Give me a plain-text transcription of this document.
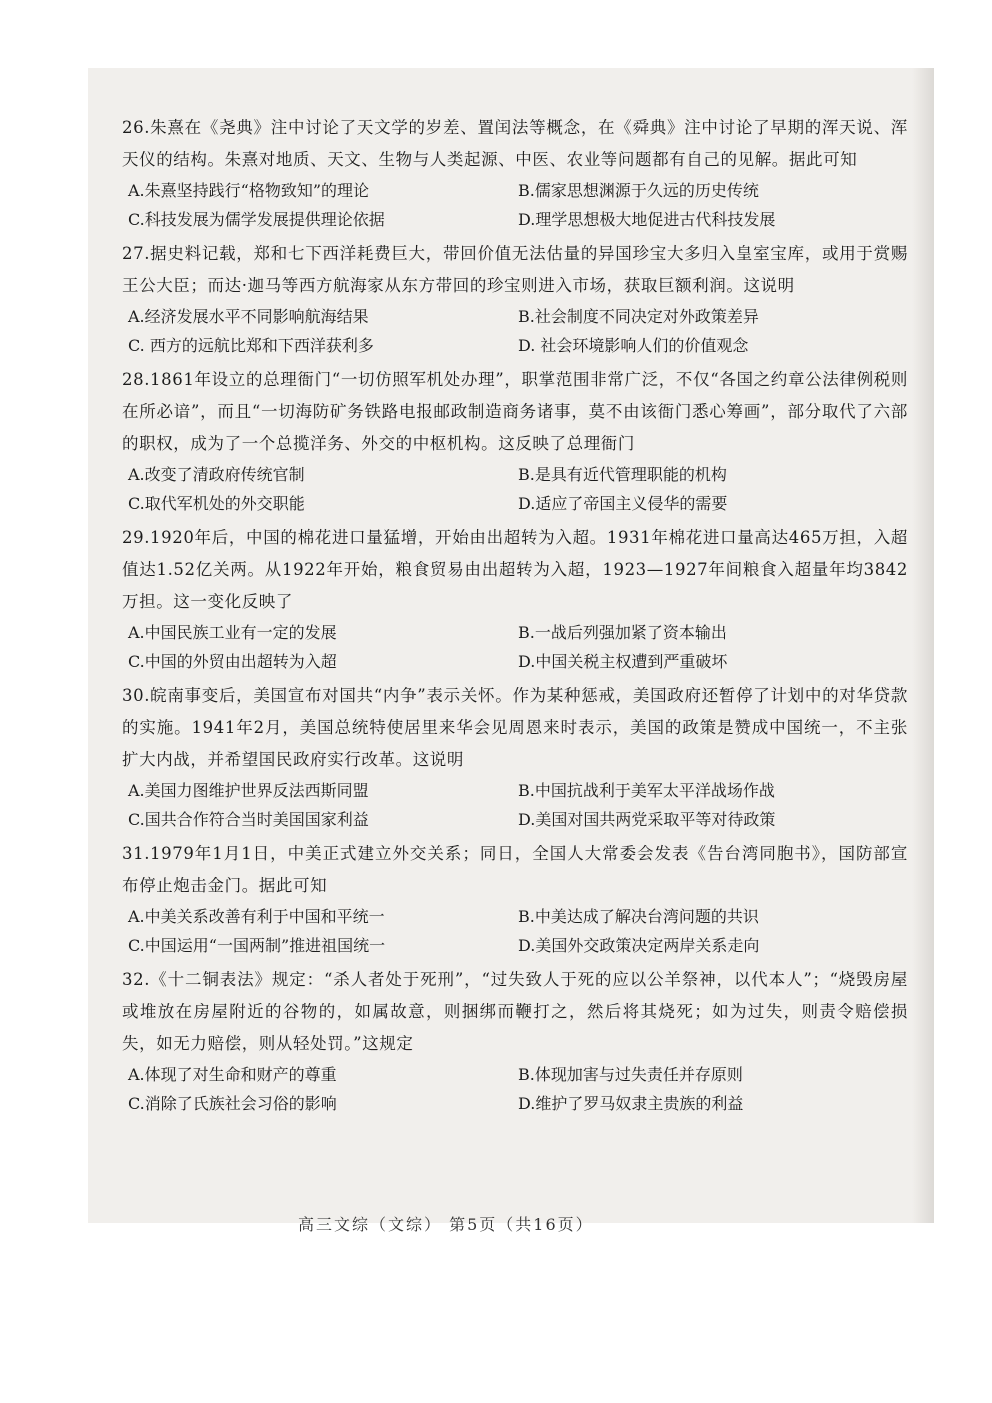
26.朱熹在《尧典》注中讨论了天文学的岁差、置闰法等概念，在《舜典》注中讨论了早期的浑天说、浑天仪的结构。朱熹对地质、天文、生物与人类起源、中医、农业等问题都有自己的见解。据此可知

A.朱熹坚持践行“格物致知”的理论	B.儒家思想渊源于久远的历史传统
C.科技发展为儒学发展提供理论依据	D.理学思想极大地促进古代科技发展

27.据史料记载，郑和七下西洋耗费巨大，带回价值无法估量的异国珍宝大多归入皇室宝库，或用于赏赐王公大臣；而达·迦马等西方航海家从东方带回的珍宝则进入市场，获取巨额利润。这说明

A.经济发展水平不同影响航海结果	B.社会制度不同决定对外政策差异
C. 西方的远航比郑和下西洋获利多	D. 社会环境影响人们的价值观念

28.1861年设立的总理衙门“一切仿照军机处办理”，职掌范围非常广泛，不仅“各国之约章公法律例税则在所必谙”，而且“一切海防矿务铁路电报邮政制造商务诸事，莫不由该衙门悉心筹画”，部分取代了六部的职权，成为了一个总揽洋务、外交的中枢机构。这反映了总理衙门

A.改变了清政府传统官制	B.是具有近代管理职能的机构
C.取代军机处的外交职能	D.适应了帝国主义侵华的需要

29.1920年后，中国的棉花进口量猛增，开始由出超转为入超。1931年棉花进口量高达465万担，入超值达1.52亿关两。从1922年开始，粮食贸易由出超转为入超，1923—1927年间粮食入超量年均3842万担。这一变化反映了

A.中国民族工业有一定的发展	B.一战后列强加紧了资本输出
C.中国的外贸由出超转为入超	D.中国关税主权遭到严重破坏

30.皖南事变后，美国宣布对国共“内争”表示关怀。作为某种惩戒，美国政府还暂停了计划中的对华贷款的实施。1941年2月，美国总统特使居里来华会见周恩来时表示，美国的政策是赞成中国统一，不主张扩大内战，并希望国民政府实行改革。这说明

A.美国力图维护世界反法西斯同盟	B.中国抗战利于美军太平洋战场作战
C.国共合作符合当时美国国家利益	D.美国对国共两党采取平等对待政策

31.1979年1月1日，中美正式建立外交关系；同日，全国人大常委会发表《告台湾同胞书》，国防部宣布停止炮击金门。据此可知

A.中美关系改善有利于中国和平统一	B.中美达成了解决台湾问题的共识
C.中国运用“一国两制”推进祖国统一	D.美国外交政策决定两岸关系走向

32.《十二铜表法》规定：“杀人者处于死刑”，“过失致人于死的应以公羊祭神，以代本人”；“烧毁房屋或堆放在房屋附近的谷物的，如属故意，则捆绑而鞭打之，然后将其烧死；如为过失，则责令赔偿损失，如无力赔偿，则从轻处罚。”这规定

A.体现了对生命和财产的尊重	B.体现加害与过失责任并存原则
C.消除了氏族社会习俗的影响	D.维护了罗马奴隶主贵族的利益
高三文综（文综） 第5页（共16页）
